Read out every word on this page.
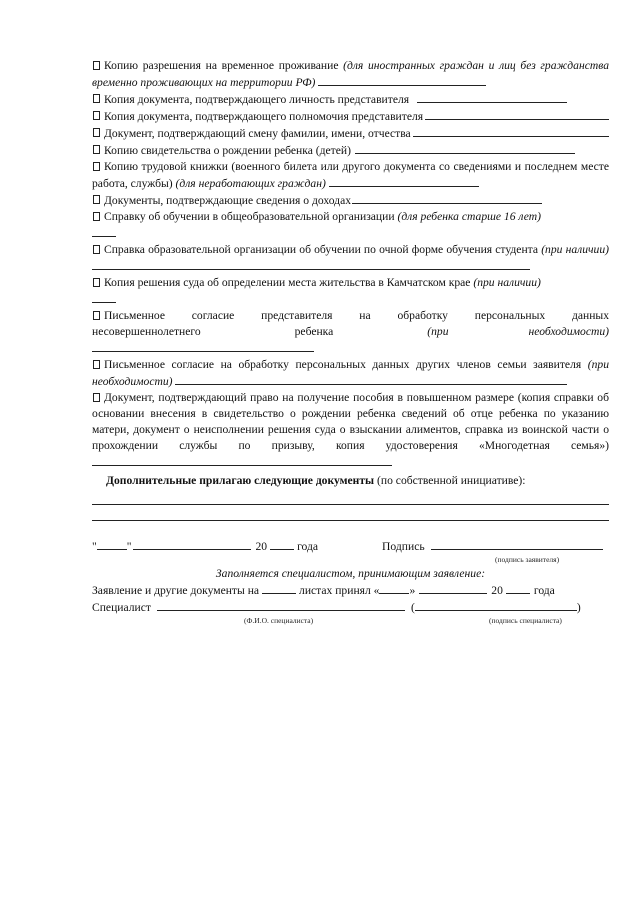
Копию разрешения на временное проживание (для иностранных граждан и лиц без гражданства временно проживающих на территории РФ)

Копия документа, подтверждающего личность представителя
Копия документа, подтверждающего полномочия представителя
Документ, подтверждающий смену фамилии, имени, отчества
Копию свидетельства о рождении ребенка (детей)

Копию трудовой книжки (военного билета или другого документа со сведениями и последнем месте работа, службы) (для неработающих граждан)

Документы, подтверждающие сведения о доходах

Справку об обучении в общеобразовательной организации (для ребенка старше 16 лет)

Справка образовательной организации об обучении по очной форме обучения студента (при наличии)

Копия решения суда об определении места жительства в Камчатском крае (при наличии)

Письменное согласие представителя на обработку персональных данных несовершеннолетнего ребенка	(при необходимости)

Письменное согласие на обработку персональных данных других членов семьи заявителя (при необходимости)

Документ, подтверждающий право на получение пособия в повышенном размере (копия справки об основании внесения в свидетельство о рождении ребенка сведений об отце ребенка по указанию матери, документ о неисполнении решения суда о взыскании алиментов, справка из воинской части о прохождении службы по призыву, копия удостоверения «Многодетная семья»)

Дополнительные прилагаю следующие документы (по собственной инициативе):
"	"	20	года	Подпись
(подпись заявителя)
Заполняется специалистом, принимающим заявление:
Заявление и другие документы на	листах принял «	»	20	года
Специалист	(	)
(Ф.И.О. специалиста)	(подпись специалиста)
